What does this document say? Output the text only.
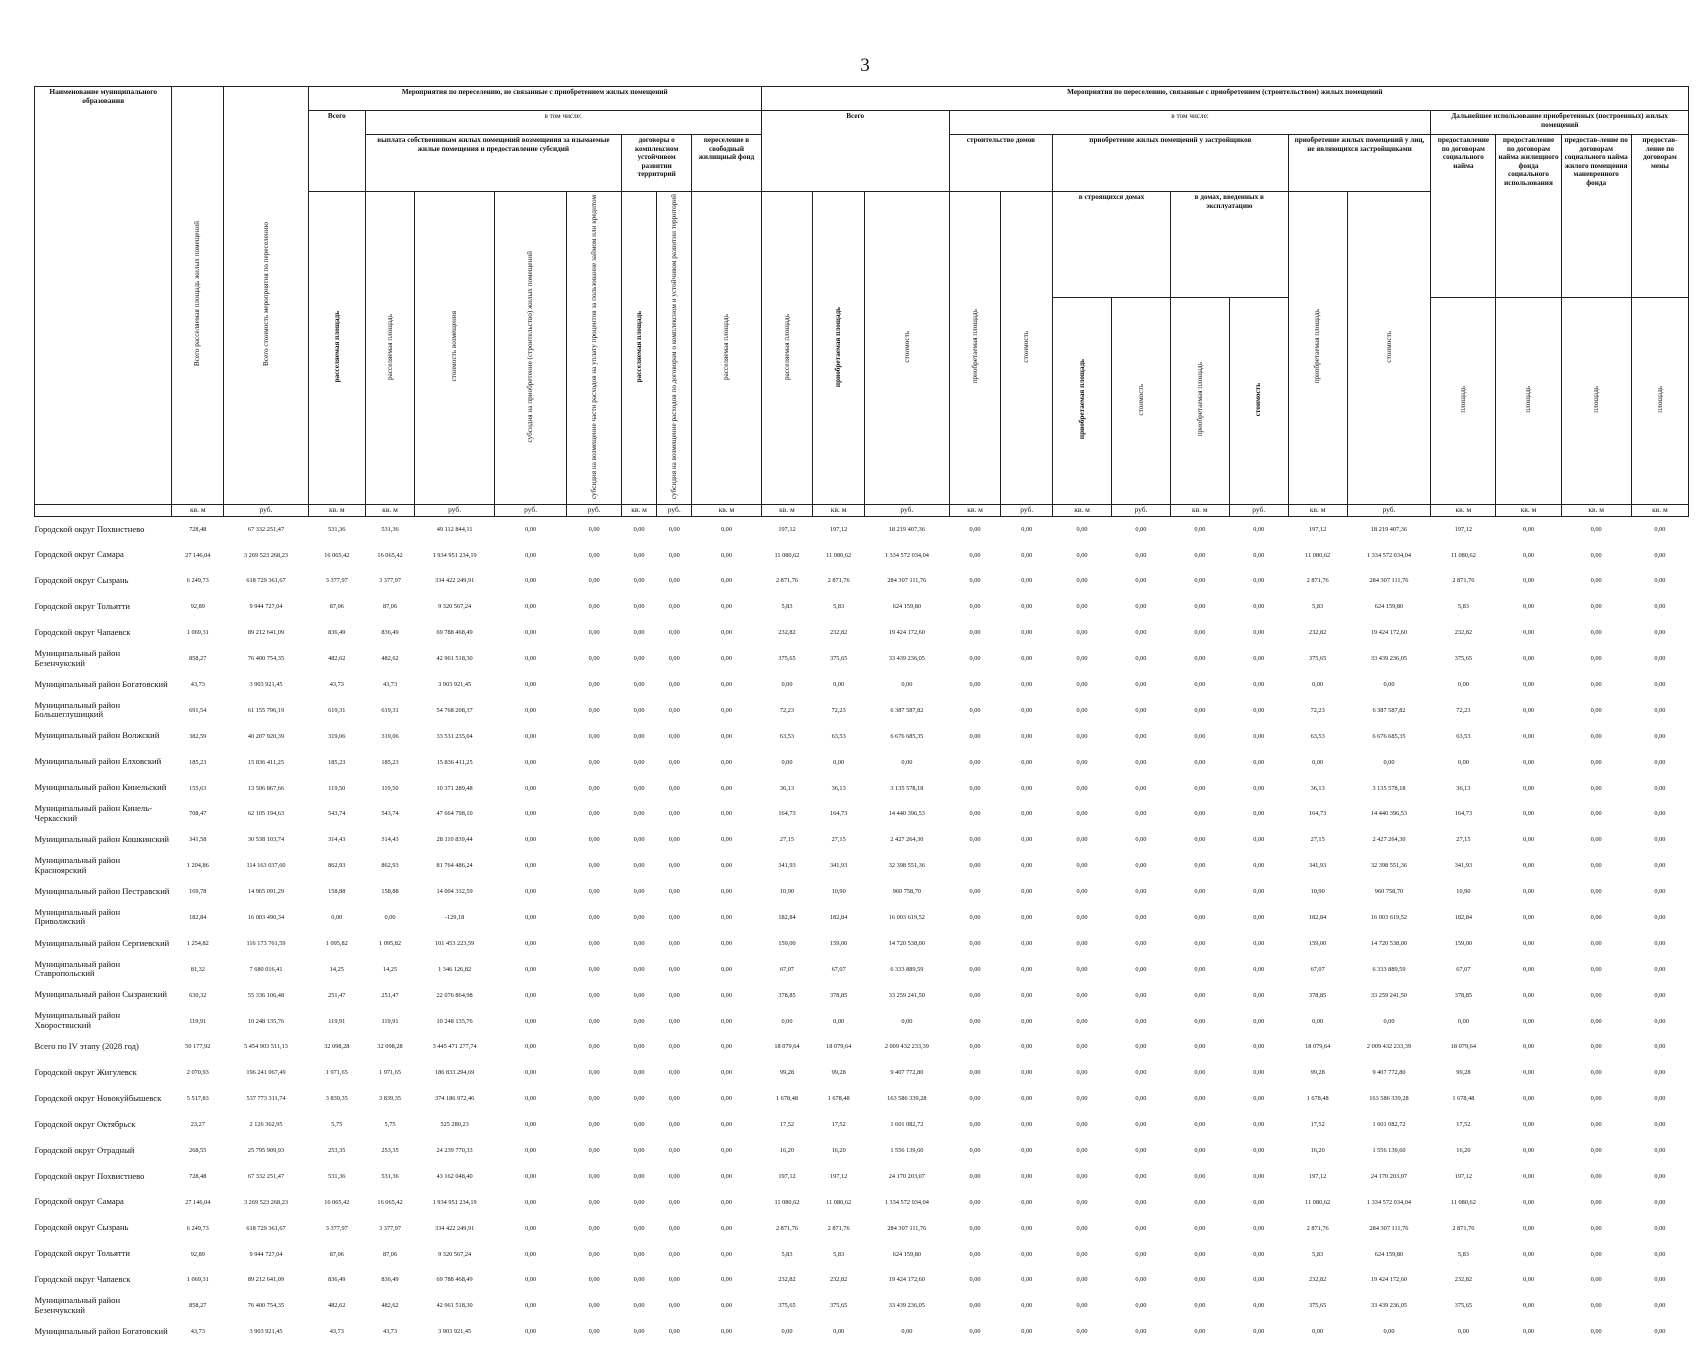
3
Наименование муниципального образования	Всего расселяемая площадь жилых помещений	Всего стоимость мероприятия по переселению	Мероприятия по переселению, не связанные с приобретением жилых помещений								Мероприятия по переселению, связанные с приобретением (строительством) жилых помещений														
			Всего	в том числе:							Всего			в том числе:								Дальнейшее использование приобретенных (построенных) жилых помещений			
				выплата собственникам жилых помещений возмещения за изымаемые жилые помещения и предоставление субсидий				договоры о комплексном устойчивом развитии территорий		переселение в свободный жилищный фонд				строительство домов		приобретение жилых помещений у застройщиков				приобретение жилых помещений у лиц, не являющихся застройщиками		предоставление по договорам социального найма	предоставление по договорам найма жилищного фонда социального использования	предостав-ление по договорам социального найма жилого помещения маневренного фонда	предостав-ление по договорам мены
			расселяемая площадь	расселяемая площадь	стоимость возмещения	субсидия на приобретение (строительство) жилых помещений	субсидия на возмещение части расходов на уплату процентов за пользование займом или кредитом	расселяемая площадь	субсидия на возмещение расходов по договорам о комплексном и устойчивом развитии территорий	расселяемая площадь	расселяемая площадь	приобретаемая площадь	стоимость	приобретаемая площадь	стоимость	в строящихся домах		в домах, введенных в эксплуатацию		приобретаемая площадь	стоимость				
																приобретаемая площадь	стоимость	приобретаемая площадь	стоимость			площадь	площадь	площадь	площадь
	кв. м	руб.	кв. м	кв. м	руб.	руб.	руб.	кв. м	руб.	кв. м	кв. м	кв. м	руб.	кв. м	руб.	кв. м	руб.	кв. м	руб.	кв. м	руб.	кв. м	кв. м	кв. м	кв. м
Городской округ Похвистнево	728,48	67 332 251,47	531,36	531,36	49 112 844,11	0,00	0,00	0,00	0,00	0,00	197,12	197,12	18 219 407,36	0,00	0,00	0,00	0,00	0,00	0,00	197,12	18 219 407,36	197,12	0,00	0,00	0,00
Городской округ Самара	27 146,04	3 269 523 268,23	16 065,42	16 065,42	1 934 951 234,19	0,00	0,00	0,00	0,00	0,00	11 080,62	11 080,62	1 334 572 034,04	0,00	0,00	0,00	0,00	0,00	0,00	11 080,62	1 334 572 034,04	11 080,62	0,00	0,00	0,00
Городской округ Сызрань	6 249,73	618 729 361,67	3 377,97	3 377,97	334 422 249,91	0,00	0,00	0,00	0,00	0,00	2 871,76	2 871,76	284 307 111,76	0,00	0,00	0,00	0,00	0,00	0,00	2 871,76	284 307 111,76	2 871,76	0,00	0,00	0,00
Городской округ Тольятти	92,89	9 944 727,04	87,06	87,06	9 320 567,24	0,00	0,00	0,00	0,00	0,00	5,83	5,83	624 159,80	0,00	0,00	0,00	0,00	0,00	0,00	5,83	624 159,80	5,83	0,00	0,00	0,00
Городской округ Чапаевск	1 069,31	89 212 641,09	836,49	836,49	69 788 468,49	0,00	0,00	0,00	0,00	0,00	232,82	232,82	19 424 172,60	0,00	0,00	0,00	0,00	0,00	0,00	232,82	19 424 172,60	232,82	0,00	0,00	0,00
Муниципальный район Безенчукский	858,27	76 400 754,35	482,62	482,62	42 961 518,30	0,00	0,00	0,00	0,00	0,00	375,65	375,65	33 439 236,05	0,00	0,00	0,00	0,00	0,00	0,00	375,65	33 439 236,05	375,65	0,00	0,00	0,00
Муниципальный район Богатовский	43,73	3 903 921,45	43,73	43,73	3 903 921,45	0,00	0,00	0,00	0,00	0,00	0,00	0,00	0,00	0,00	0,00	0,00	0,00	0,00	0,00	0,00	0,00	0,00	0,00	0,00	0,00
Муниципальный район Большеглушицкий	691,54	61 155 796,19	619,31	619,31	54 768 208,37	0,00	0,00	0,00	0,00	0,00	72,23	72,23	6 387 587,82	0,00	0,00	0,00	0,00	0,00	0,00	72,23	6 387 587,82	72,23	0,00	0,00	0,00
Муниципальный район Волжский	382,59	40 207 920,39	319,06	319,06	33 531 235,04	0,00	0,00	0,00	0,00	0,00	63,53	63,53	6 676 685,35	0,00	0,00	0,00	0,00	0,00	0,00	63,53	6 676 685,35	63,53	0,00	0,00	0,00
Муниципальный район Елховский	185,23	15 836 411,25	185,23	185,23	15 836 411,25	0,00	0,00	0,00	0,00	0,00	0,00	0,00	0,00	0,00	0,00	0,00	0,00	0,00	0,00	0,00	0,00	0,00	0,00	0,00	0,00
Муниципальный район Кинельский	155,63	13 506 867,66	119,50	119,50	10 371 289,48	0,00	0,00	0,00	0,00	0,00	36,13	36,13	3 135 578,18	0,00	0,00	0,00	0,00	0,00	0,00	36,13	3 135 578,18	36,13	0,00	0,00	0,00
Муниципальный район Кинель-Черкасский	708,47	62 105 194,63	543,74	543,74	47 664 798,10	0,00	0,00	0,00	0,00	0,00	164,73	164,73	14 440 396,53	0,00	0,00	0,00	0,00	0,00	0,00	164,73	14 440 396,53	164,73	0,00	0,00	0,00
Муниципальный район Кошкинский	341,58	30 538 103,74	314,43	314,43	28 110 839,44	0,00	0,00	0,00	0,00	0,00	27,15	27,15	2 427 264,30	0,00	0,00	0,00	0,00	0,00	0,00	27,15	2 427 264,30	27,15	0,00	0,00	0,00
Муниципальный район Красноярский	1 204,86	114 163 037,60	862,93	862,93	81 764 486,24	0,00	0,00	0,00	0,00	0,00	341,93	341,93	32 398 551,36	0,00	0,00	0,00	0,00	0,00	0,00	341,93	32 398 551,36	341,93	0,00	0,00	0,00
Муниципальный район Пестравский	169,78	14 965 091,29	158,88	158,88	14 004 332,59	0,00	0,00	0,00	0,00	0,00	10,90	10,90	960 758,70	0,00	0,00	0,00	0,00	0,00	0,00	10,90	960 758,70	10,90	0,00	0,00	0,00
Муниципальный район Приволжский	182,84	16 003 490,34	0,00	0,00	-129,18	0,00	0,00	0,00	0,00	0,00	182,84	182,84	16 003 619,52	0,00	0,00	0,00	0,00	0,00	0,00	182,84	16 003 619,52	182,84	0,00	0,00	0,00
Муниципальный район Сергиевский	1 254,82	116 173 761,59	1 095,82	1 095,82	101 453 223,59	0,00	0,00	0,00	0,00	0,00	159,00	159,00	14 720 538,00	0,00	0,00	0,00	0,00	0,00	0,00	159,00	14 720 538,00	159,00	0,00	0,00	0,00
Муниципальный район Ставропольский	81,32	7 680 016,41	14,25	14,25	1 346 126,82	0,00	0,00	0,00	0,00	0,00	67,07	67,07	6 333 889,59	0,00	0,00	0,00	0,00	0,00	0,00	67,07	6 333 889,59	67,07	0,00	0,00	0,00
Муниципальный район Сызранский	630,32	55 336 106,48	251,47	251,47	22 076 864,98	0,00	0,00	0,00	0,00	0,00	378,85	378,85	33 259 241,50	0,00	0,00	0,00	0,00	0,00	0,00	378,85	33 259 241,50	378,85	0,00	0,00	0,00
Муниципальный район Хворостянский	119,91	10 248 135,76	119,91	119,91	10 248 135,76	0,00	0,00	0,00	0,00	0,00	0,00	0,00	0,00	0,00	0,00	0,00	0,00	0,00	0,00	0,00	0,00	0,00	0,00	0,00	0,00
Всего по IV этапу (2028 год)	50 177,92	5 454 903 511,13	32 098,28	32 098,28	3 445 471 277,74	0,00	0,00	0,00	0,00	0,00	18 079,64	18 079,64	2 009 432 233,39	0,00	0,00	0,00	0,00	0,00	0,00	18 079,64	2 009 432 233,39	18 079,64	0,00	0,00	0,00
Городской округ Жигулевск	2 070,93	196 241 067,49	1 971,65	1 971,65	186 833 294,69	0,00	0,00	0,00	0,00	0,00	99,28	99,28	9 407 772,80	0,00	0,00	0,00	0,00	0,00	0,00	99,28	9 407 772,80	99,28	0,00	0,00	0,00
Городской округ Новокуйбышевск	5 517,83	537 773 311,74	3 839,35	3 839,35	374 186 972,46	0,00	0,00	0,00	0,00	0,00	1 678,48	1 678,48	163 586 339,28	0,00	0,00	0,00	0,00	0,00	0,00	1 678,48	163 586 339,28	1 678,48	0,00	0,00	0,00
Городской округ Октябрьск	23,27	2 126 362,95	5,75	5,75	525 280,23	0,00	0,00	0,00	0,00	0,00	17,52	17,52	1 601 082,72	0,00	0,00	0,00	0,00	0,00	0,00	17,52	1 601 082,72	17,52	0,00	0,00	0,00
Городской округ Отрадный	268,55	25 795 909,93	253,35	253,35	24 239 770,33	0,00	0,00	0,00	0,00	0,00	16,20	16,20	1 556 139,60	0,00	0,00	0,00	0,00	0,00	0,00	16,20	1 556 139,60	16,20	0,00	0,00	0,00
Городской округ Похвистнево	728,48	67 332 251,47	531,36	531,36	43 162 048,40	0,00	0,00	0,00	0,00	0,00	197,12	197,12	24 170 203,07	0,00	0,00	0,00	0,00	0,00	0,00	197,12	24 170 203,07	197,12	0,00	0,00	0,00
Городской округ Самара	27 146,04	3 269 523 268,23	16 065,42	16 065,42	1 934 951 234,19	0,00	0,00	0,00	0,00	0,00	11 080,62	11 080,62	1 334 572 034,04	0,00	0,00	0,00	0,00	0,00	0,00	11 080,62	1 334 572 034,04	11 080,62	0,00	0,00	0,00
Городской округ Сызрань	6 249,73	618 729 361,67	3 377,97	3 377,97	334 422 249,91	0,00	0,00	0,00	0,00	0,00	2 871,76	2 871,76	284 307 111,76	0,00	0,00	0,00	0,00	0,00	0,00	2 871,76	284 307 111,76	2 871,76	0,00	0,00	0,00
Городской округ Тольятти	92,89	9 944 727,04	87,06	87,06	9 320 567,24	0,00	0,00	0,00	0,00	0,00	5,83	5,83	624 159,80	0,00	0,00	0,00	0,00	0,00	0,00	5,83	624 159,80	5,83	0,00	0,00	0,00
Городской округ Чапаевск	1 069,31	89 212 641,09	836,49	836,49	69 788 468,49	0,00	0,00	0,00	0,00	0,00	232,82	232,82	19 424 172,60	0,00	0,00	0,00	0,00	0,00	0,00	232,82	19 424 172,60	232,82	0,00	0,00	0,00
Муниципальный район Безенчукский	858,27	76 400 754,35	482,62	482,62	42 961 518,30	0,00	0,00	0,00	0,00	0,00	375,65	375,65	33 439 236,05	0,00	0,00	0,00	0,00	0,00	0,00	375,65	33 439 236,05	375,65	0,00	0,00	0,00
Муниципальный район Богатовский	43,73	3 903 921,45	43,73	43,73	3 903 921,45	0,00	0,00	0,00	0,00	0,00	0,00	0,00	0,00	0,00	0,00	0,00	0,00	0,00	0,00	0,00	0,00	0,00	0,00	0,00	0,00
